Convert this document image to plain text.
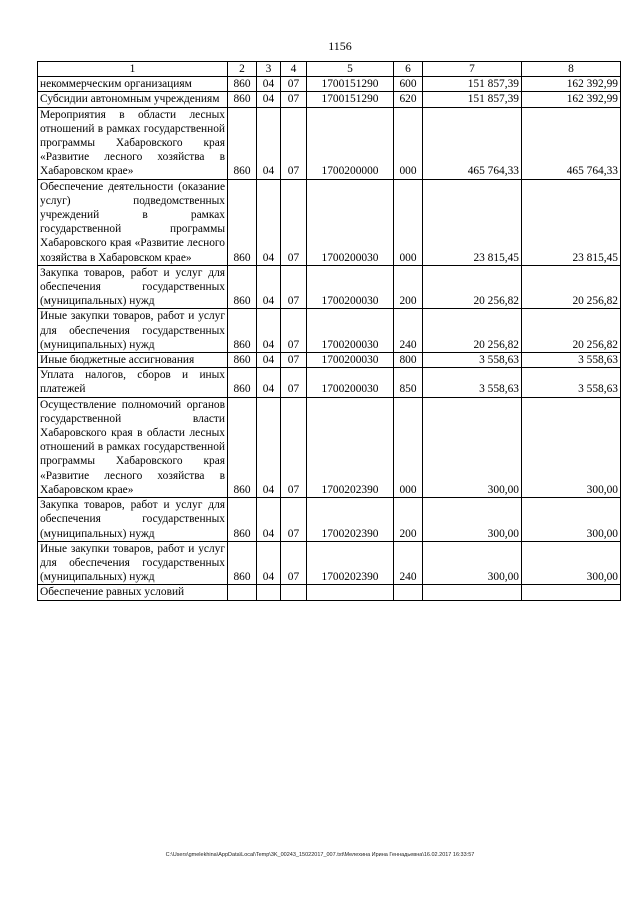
1156
1	2	3	4	5	6	7	8
некоммерческим организациям	860	04	07	1700151290	600	151 857,39	162 392,99
Субсидии автономным учреждениям	860	04	07	1700151290	620	151 857,39	162 392,99
Мероприятия в области лесных отношений в рамках государственной программы Хабаровского края «Развитие лесного хозяйства в Хабаровском крае»	860	04	07	1700200000	000	465 764,33	465 764,33
Обеспечение деятельности (оказание услуг) подведомственных учреждений в рамках государственной программы Хабаровского края «Развитие лесного хозяйства в Хабаровском крае»	860	04	07	1700200030	000	23 815,45	23 815,45
Закупка товаров, работ и услуг для обеспечения государственных (муниципальных) нужд	860	04	07	1700200030	200	20 256,82	20 256,82
Иные закупки товаров, работ и услуг для обеспечения государственных (муниципальных) нужд	860	04	07	1700200030	240	20 256,82	20 256,82
Иные бюджетные ассигнования	860	04	07	1700200030	800	3 558,63	3 558,63
Уплата налогов, сборов и иных платежей	860	04	07	1700200030	850	3 558,63	3 558,63
Осуществление полномочий органов государственной власти Хабаровского края в области лесных отношений в рамках государственной программы Хабаровского края «Развитие лесного хозяйства в Хабаровском крае»	860	04	07	1700202390	000	300,00	300,00
Закупка товаров, работ и услуг для обеспечения государственных (муниципальных) нужд	860	04	07	1700202390	200	300,00	300,00
Иные закупки товаров, работ и услуг для обеспечения государственных (муниципальных) нужд	860	04	07	1700202390	240	300,00	300,00
Обеспечение равных условий							
C:\Users\gmelekhina\AppData\Local\Temp\3K_00243_15022017_007.txt\Мелехина Ирина Геннадьевна\16.02.2017 16:33:57
